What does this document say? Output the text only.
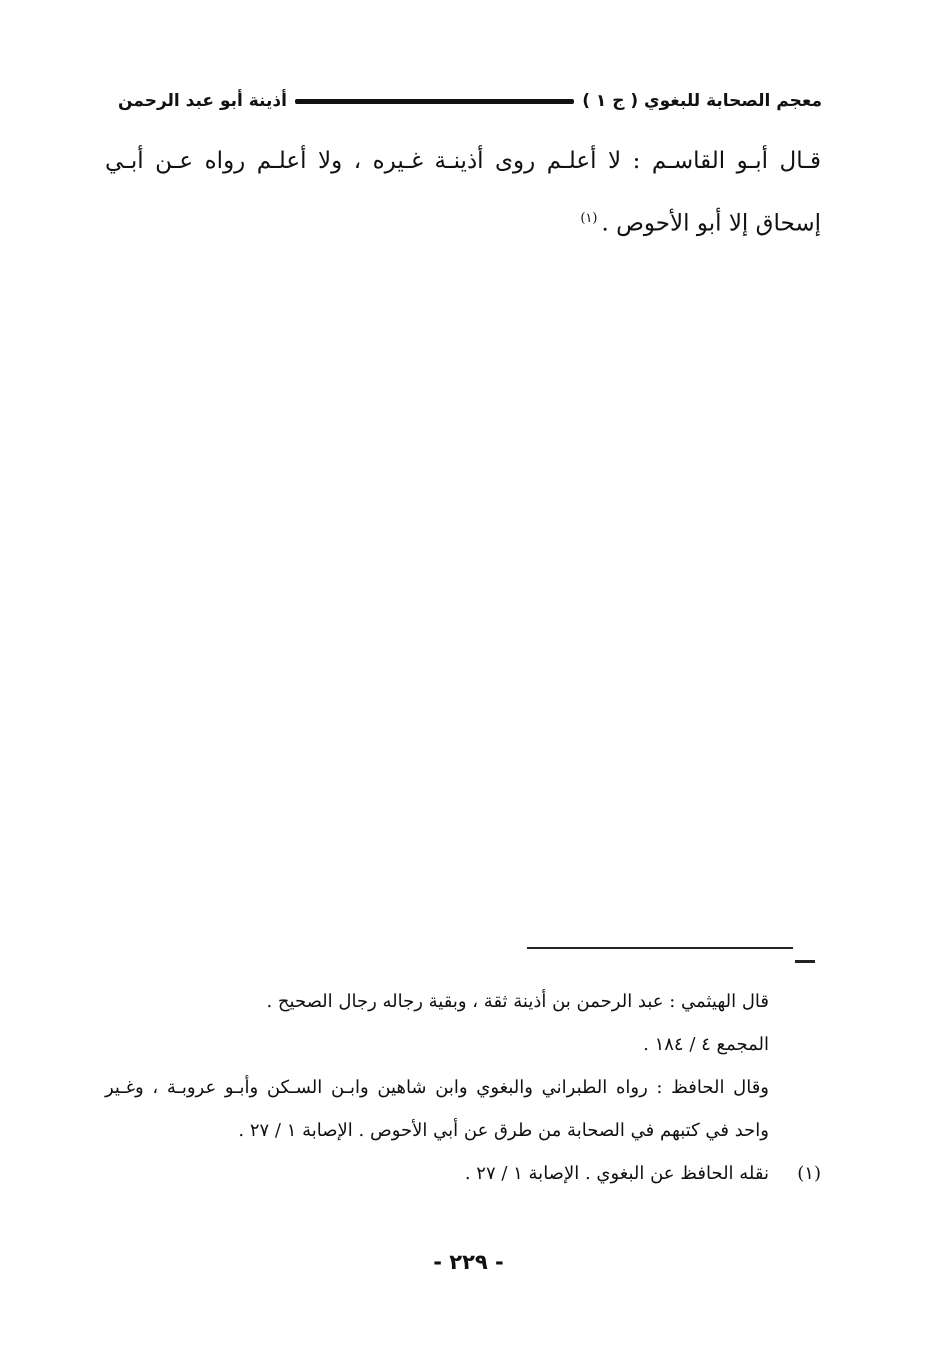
معجم الصحابة للبغوي ( ج ١ )
أذينة أبو عبد الرحمن

قـال أبـو القاسـم : لا أعلـم روى أذينـة غـيره ، ولا أعلـم رواه عـن أبـي إسحاق إلا أبو الأحوص .$^{(١)}$

قال الهيثمي : عبد الرحمن بن أذينة ثقة ، وبقية رجاله رجال الصحيح .

المجمع ٤ / ١٨٤ .

وقال الحافظ : رواه الطبراني والبغوي وابن شاهين وابـن السـكن وأبـو عروبـة ، وغـير

واحد في كتبهم في الصحابة من طرق عن أبي الأحوص . الإصابة ١ / ٢٧ .

(١)
نقله الحافظ عن البغوي . الإصابة ١ / ٢٧ .

- ٢٢٩ -
